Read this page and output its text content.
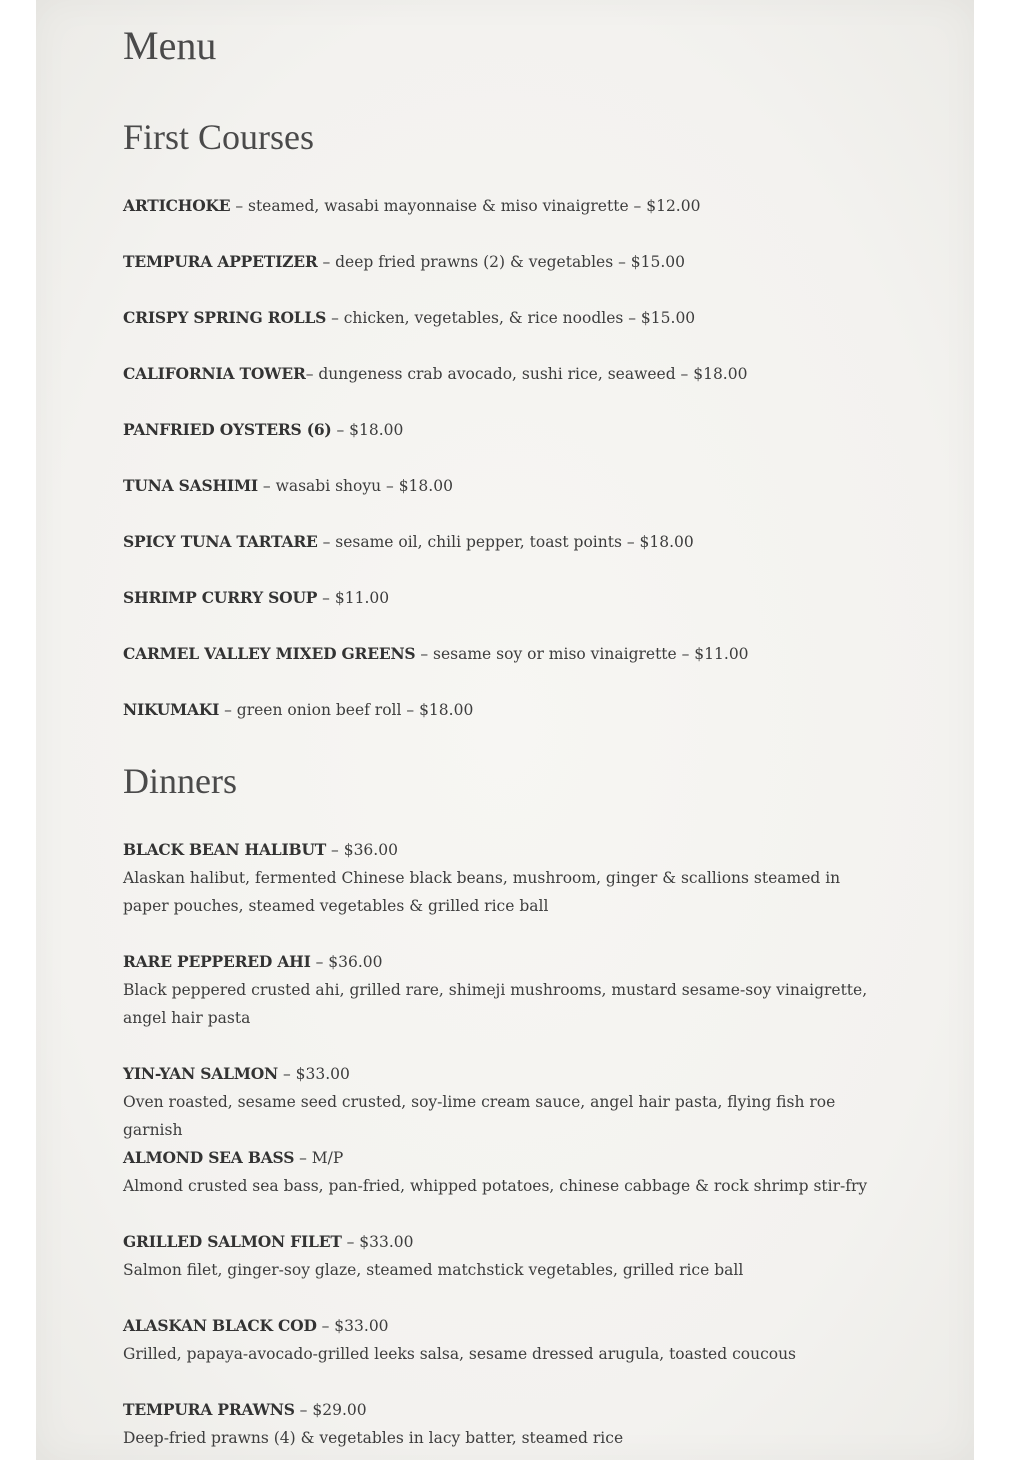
Menu
First Courses
ARTICHOKE – steamed, wasabi mayonnaise & miso vinaigrette – $12.00
TEMPURA APPETIZER – deep fried prawns (2) & vegetables – $15.00
CRISPY SPRING ROLLS – chicken, vegetables, & rice noodles – $15.00
CALIFORNIA TOWER– dungeness crab avocado, sushi rice, seaweed – $18.00
PANFRIED OYSTERS (6) – $18.00
TUNA SASHIMI – wasabi shoyu – $18.00
SPICY TUNA TARTARE – sesame oil, chili pepper, toast points – $18.00
SHRIMP CURRY SOUP – $11.00
CARMEL VALLEY MIXED GREENS – sesame soy or miso vinaigrette – $11.00
NIKUMAKI – green onion beef roll – $18.00
Dinners
BLACK BEAN HALIBUT – $36.00
Alaskan halibut, fermented Chinese black beans, mushroom, ginger & scallions steamed in paper pouches, steamed vegetables & grilled rice ball
RARE PEPPERED AHI – $36.00
Black peppered crusted ahi, grilled rare, shimeji mushrooms, mustard sesame-soy vinaigrette, angel hair pasta
YIN-YAN SALMON – $33.00
Oven roasted, sesame seed crusted, soy-lime cream sauce, angel hair pasta, flying fish roe garnish
ALMOND SEA BASS – M/P
Almond crusted sea bass, pan-fried, whipped potatoes, chinese cabbage & rock shrimp stir-fry
GRILLED SALMON FILET – $33.00
Salmon filet, ginger-soy glaze, steamed matchstick vegetables, grilled rice ball
ALASKAN BLACK COD – $33.00
Grilled, papaya-avocado-grilled leeks salsa, sesame dressed arugula, toasted coucous
TEMPURA PRAWNS – $29.00
Deep-fried prawns (4) & vegetables in lacy batter, steamed rice
